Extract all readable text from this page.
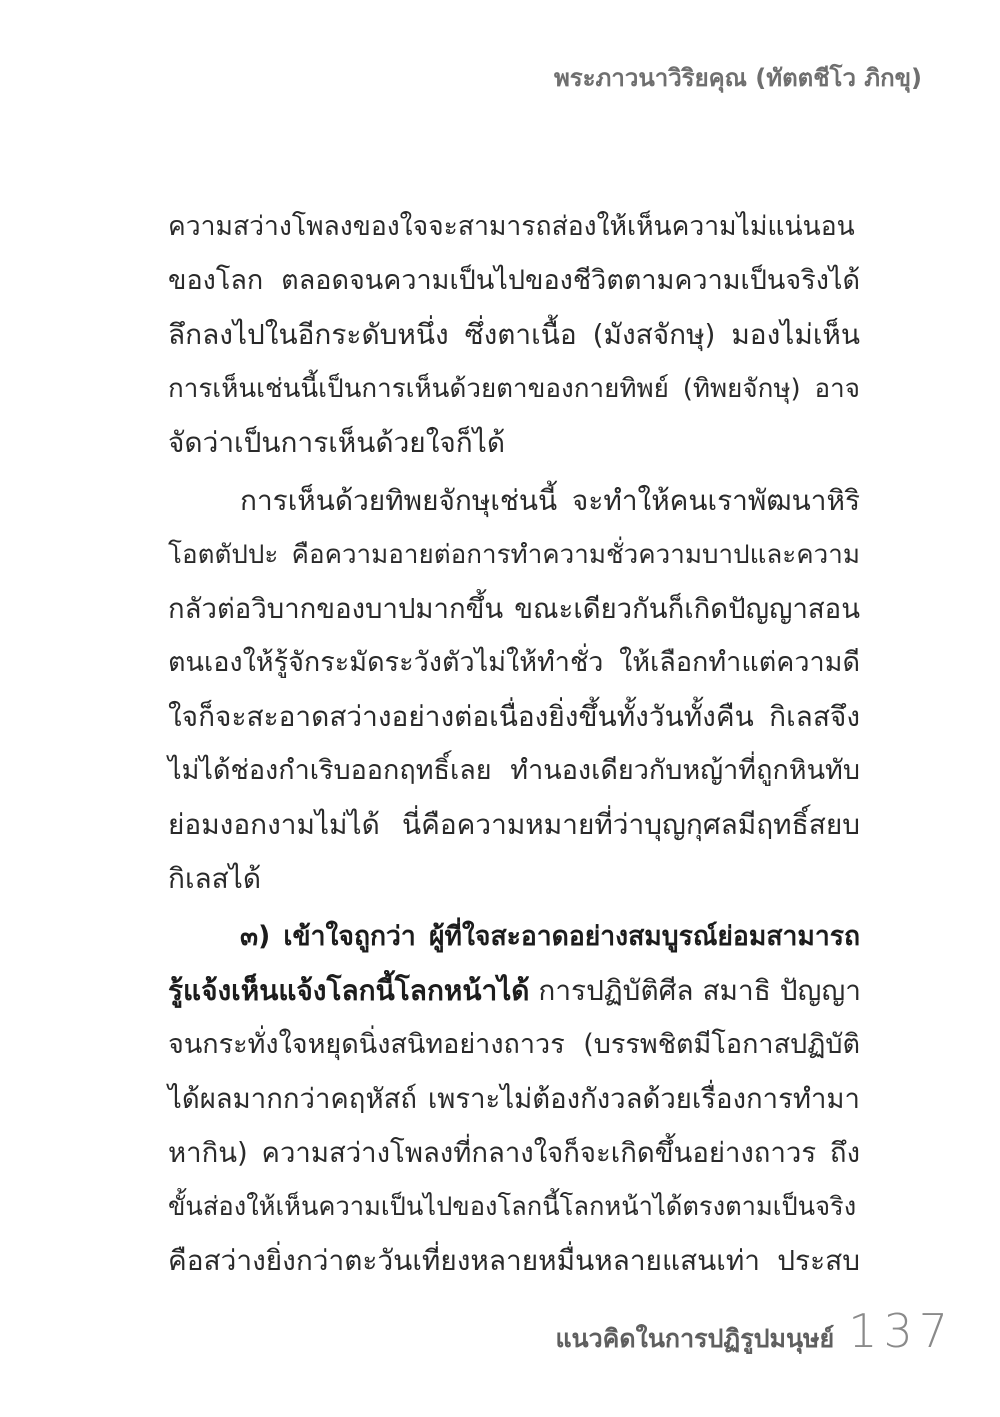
พระภาวนาวิริยคุณ (ทัตตชีโว ภิกขุ)
ความสว่างโพลงของใจจะสามารถส่องให้เห็นความไม่แน่นอน
ของโลก ตลอดจนความเป็นไปของชีวิตตามความเป็นจริงได้
ลึกลงไปในอีกระดับหนึ่ง ซึ่งตาเนื้อ (มังสจักษุ) มองไม่เห็น
การเห็นเช่นนี้เป็นการเห็นด้วยตาของกายทิพย์ (ทิพยจักษุ) อาจ
จัดว่าเป็นการเห็นด้วยใจก็ได้
การเห็นด้วยทิพยจักษุเช่นนี้ จะทำให้คนเราพัฒนาหิริ
โอตตัปปะ คือความอายต่อการทำความชั่วความบาปและความ
กลัวต่อวิบากของบาปมากขึ้น ขณะเดียวกันก็เกิดปัญญาสอน
ตนเองให้รู้จักระมัดระวังตัวไม่ให้ทำชั่ว ให้เลือกทำแต่ความดี
ใจก็จะสะอาดสว่างอย่างต่อเนื่องยิ่งขึ้นทั้งวันทั้งคืน กิเลสจึง
ไม่ได้ช่องกำเริบออกฤทธิ์เลย ทำนองเดียวกับหญ้าที่ถูกหินทับ
ย่อมงอกงามไม่ได้ นี่คือความหมายที่ว่าบุญกุศลมีฤทธิ์สยบ
กิเลสได้
๓) เข้าใจถูกว่า ผู้ที่ใจสะอาดอย่างสมบูรณ์ย่อมสามารถ
รู้แจ้งเห็นแจ้งโลกนี้โลกหน้าได้ การปฏิบัติศีล สมาธิ ปัญญา
จนกระทั่งใจหยุดนิ่งสนิทอย่างถาวร (บรรพชิตมีโอกาสปฏิบัติ
ได้ผลมากกว่าคฤหัสถ์ เพราะไม่ต้องกังวลด้วยเรื่องการทำมา
หากิน) ความสว่างโพลงที่กลางใจก็จะเกิดขึ้นอย่างถาวร ถึง
ขั้นส่องให้เห็นความเป็นไปของโลกนี้โลกหน้าได้ตรงตามเป็นจริง
คือสว่างยิ่งกว่าตะวันเที่ยงหลายหมื่นหลายแสนเท่า ประสบ
แนวคิดในการปฏิรูปมนุษย์ 137
